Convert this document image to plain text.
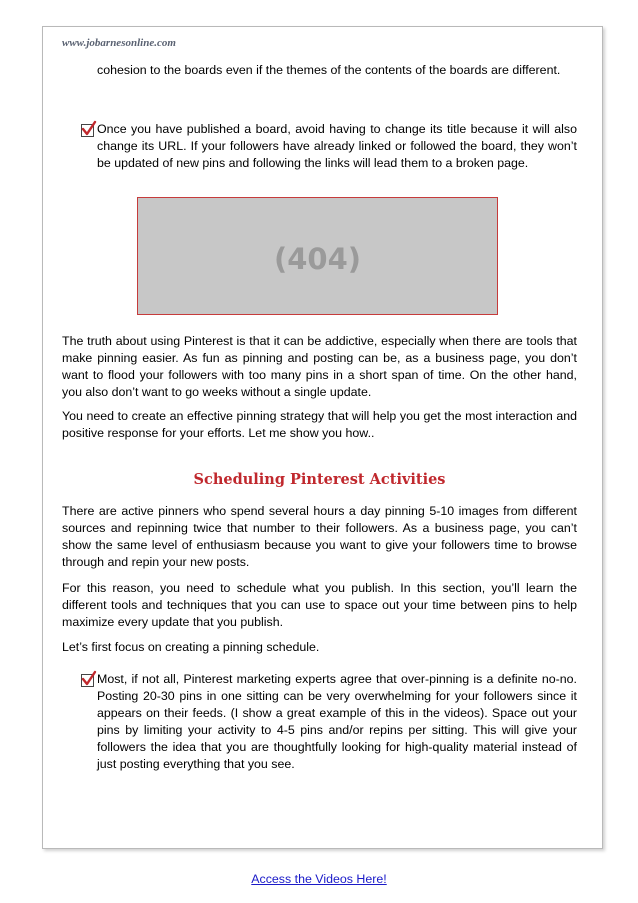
www.jobarnesonline.com

cohesion to the boards even if the themes of the contents of the boards are different.

Once you have published a board, avoid having to change its title because it will also change its URL. If your followers have already linked or followed the board, they won’t be updated of new pins and following the links will lead them to a broken page.

(404)

The truth about using Pinterest is that it can be addictive, especially when there are tools that make pinning easier. As fun as pinning and posting can be, as a business page, you don’t want to flood your followers with too many pins in a short span of time. On the other hand, you also don’t want to go weeks without a single update.

You need to create an effective pinning strategy that will help you get the most interaction and positive response for your efforts. Let me show you how..

Scheduling Pinterest Activities

There are active pinners who spend several hours a day pinning 5-10 images from different sources and repinning twice that number to their followers. As a business page, you can’t show the same level of enthusiasm because you want to give your followers time to browse through and repin your new posts.

For this reason, you need to schedule what you publish. In this section, you’ll learn the different tools and techniques that you can use to space out your time between pins to help maximize every update that you publish.

Let’s first focus on creating a pinning schedule.

Most, if not all, Pinterest marketing experts agree that over-pinning is a definite no-no. Posting 20-30 pins in one sitting can be very overwhelming for your followers since it appears on their feeds. (I show a great example of this in the videos). Space out your pins by limiting your activity to 4-5 pins and/or repins per sitting. This will give your followers the idea that you are thoughtfully looking for high-quality material instead of just posting everything that you see.

Access the Videos Here!
